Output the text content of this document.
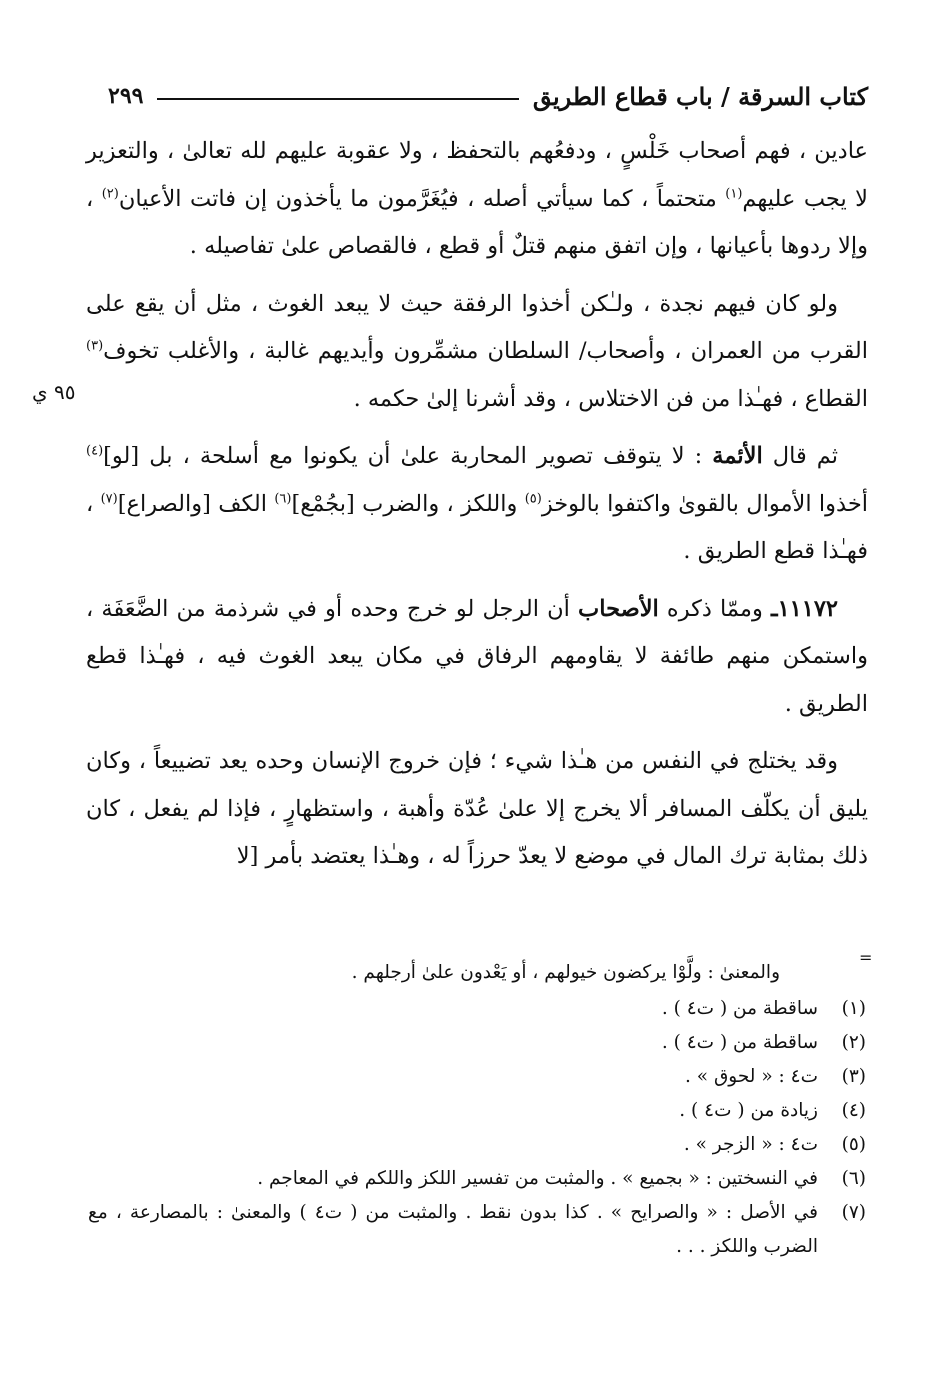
كتاب السرقة / باب قطاع الطريق
٢٩٩
٩٥ ي

عادين ، فهم أصحاب خَلْسٍ ، ودفعُهم بالتحفظ ، ولا عقوبة عليهم لله تعالىٰ ، والتعزير لا يجب عليهم$^{(١)}$ متحتماً ، كما سيأتي أصله ، فيُغَرَّمون ما يأخذون إن فاتت الأعيان$^{(٢)}$ ، وإلا ردوها بأعيانها ، وإن اتفق منهم قتلٌ أو قطع ، فالقصاص علىٰ تفاصيله .

ولو كان فيهم نجدة ، ولـٰكن أخذوا الرفقة حيث لا يبعد الغوث ، مثل أن يقع على القرب من العمران ، وأصحاب/ السلطان مشمِّرون وأيديهم غالبة ، والأغلب تخوف$^{(٣)}$ القطاع ، فهـٰذا من فن الاختلاس ، وقد أشرنا إلىٰ حكمه .

ثم قال الأئمة : لا يتوقف تصوير المحاربة علىٰ أن يكونوا مع أسلحة ، بل [لو]$^{(٤)}$ أخذوا الأموال بالقوىٰ واكتفوا بالوخز$^{(٥)}$ واللكز ، والضرب [بجُمْع]$^{(٦)}$ الكف [والصراع]$^{(٧)}$ ، فهـٰذا قطع الطريق .

١١١٧٢ـ وممّا ذكره الأصحاب أن الرجل لو خرج وحده أو في شرذمة من الضَّعَفَة ، واستمكن منهم طائفة لا يقاومهم الرفاق في مكان يبعد الغوث فيه ، فهـٰذا قطع الطريق .

وقد يختلج في النفس من هـٰذا شيء ؛ فإن خروج الإنسان وحده يعد تضييعاً ، وكان يليق أن يكلّف المسافر ألا يخرج إلا علىٰ عُدّة وأهبة ، واستظهارٍ ، فإذا لم يفعل ، كان ذلك بمثابة ترك المال في موضع لا يعدّ حرزاً له ، وهـٰذا يعتضد بأمر [لا

=
والمعنىٰ : ولَّوْا يركضون خيولهم ، أو يَعْدون علىٰ أرجلهم .
(١)
ساقطة من ( ت٤ ) .
(٢)
ساقطة من ( ت٤ ) .
(٣)
ت٤ : « لحوق » .
(٤)
زيادة من ( ت٤ ) .
(٥)
ت٤ : « الزجر » .
(٦)
في النسختين : « بجميع » . والمثبت من تفسير اللكز واللكم في المعاجم .
(٧)
في الأصل : « والصرايح » . كذا بدون نقط . والمثبت من ( ت٤ ) والمعنىٰ : بالمصارعة ، مع الضرب واللكز . . .
